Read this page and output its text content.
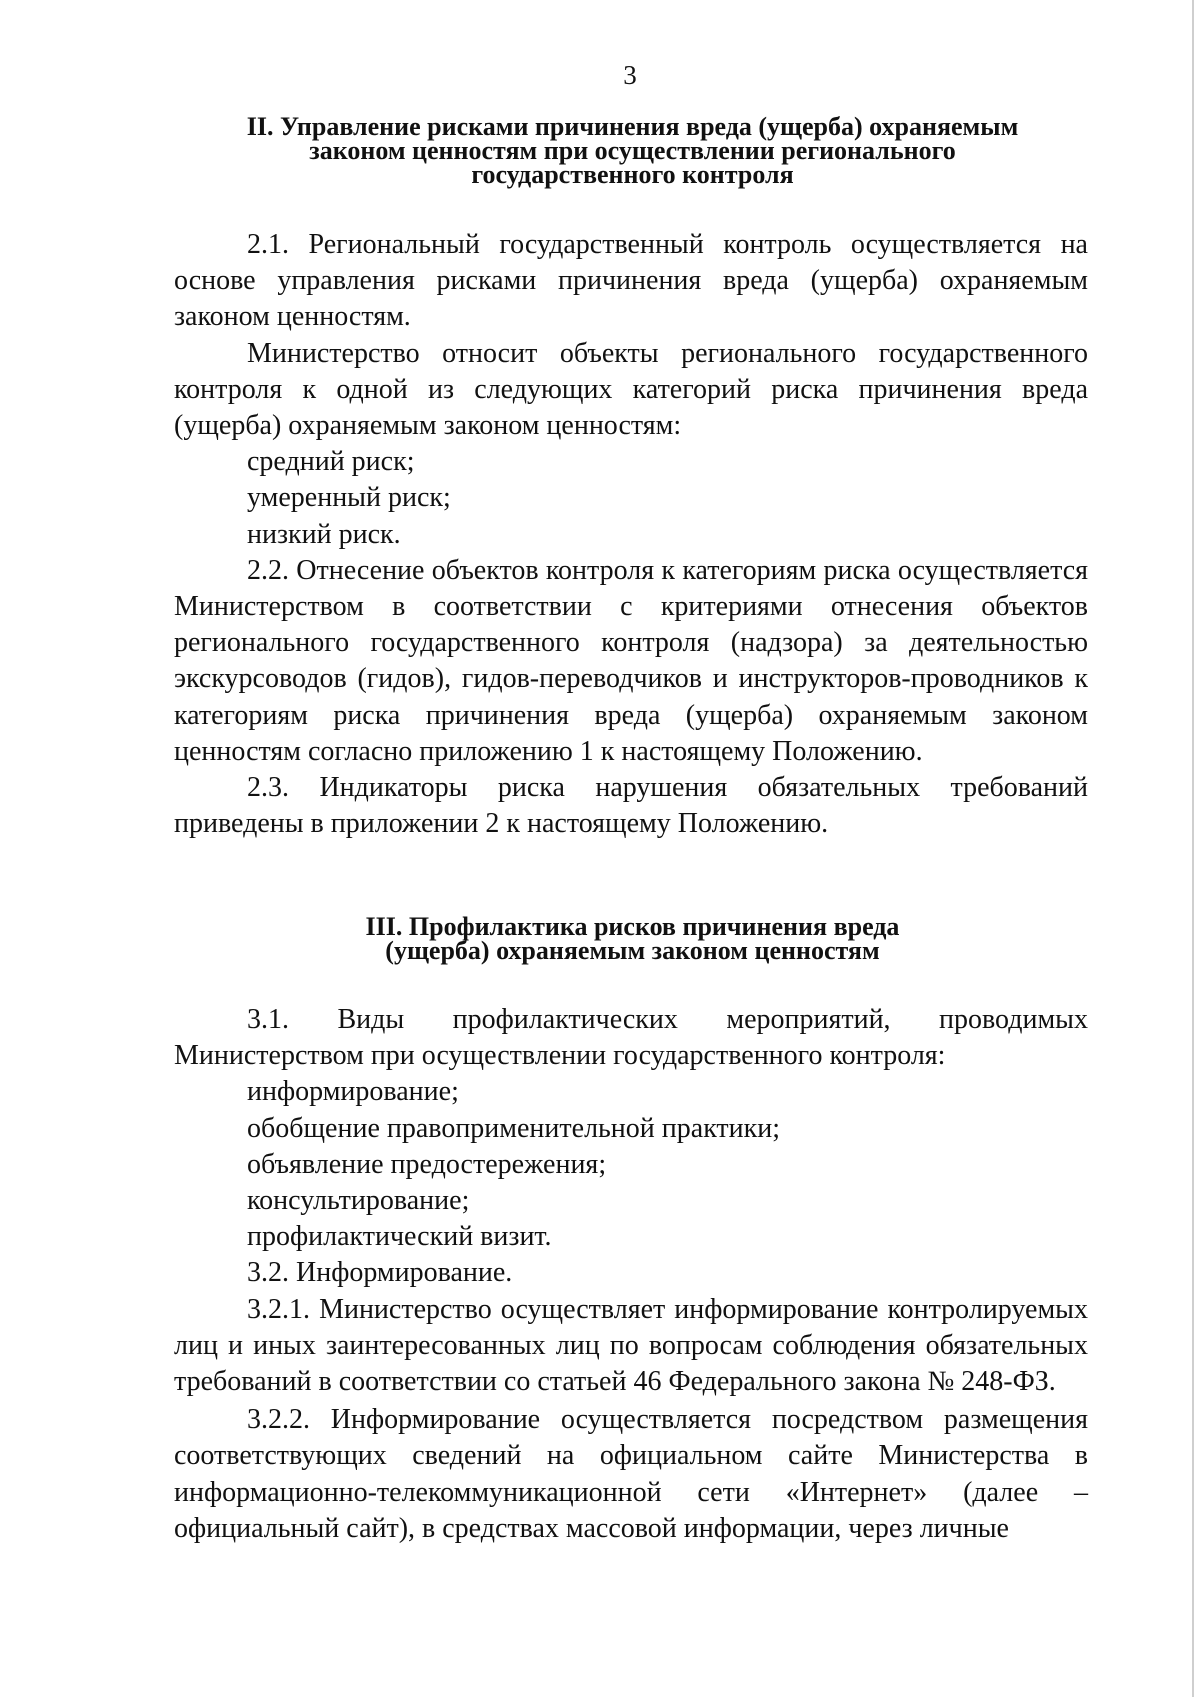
3
II. Управление рисками причинения вреда (ущерба) охраняемым
законом ценностям при осуществлении регионального
государственного контроля

2.1. Региональный государственный контроль осуществляется на основе управления рисками причинения вреда (ущерба) охраняемым законом ценностям.

Министерство относит объекты регионального государственного контроля к одной из следующих категорий риска причинения вреда (ущерба) охраняемым законом ценностям:

средний риск;

умеренный риск;

низкий риск.

2.2. Отнесение объектов контроля к категориям риска осуществляется Министерством в соответствии с критериями отнесения объектов регионального государственного контроля (надзора) за деятельностью экскурсоводов (гидов), гидов-переводчиков и инструкторов-проводников к категориям риска причинения вреда (ущерба) охраняемым законом ценностям согласно приложению 1 к настоящему Положению.

2.3. Индикаторы риска нарушения обязательных требований приведены в приложении 2 к настоящему Положению.

III. Профилактика рисков причинения вреда
(ущерба) охраняемым законом ценностям

3.1. Виды профилактических мероприятий, проводимых Министерством при осуществлении государственного контроля:

информирование;

обобщение правоприменительной практики;

объявление предостережения;

консультирование;

профилактический визит.

3.2. Информирование.

3.2.1. Министерство осуществляет информирование контролируемых лиц и иных заинтересованных лиц по вопросам соблюдения обязательных требований в соответствии со статьей 46 Федерального закона № 248-ФЗ.

3.2.2. Информирование осуществляется посредством размещения соответствующих сведений на официальном сайте Министерства в информационно-телекоммуникационной сети «Интернет» (далее – официальный сайт), в средствах массовой информации, через личные
